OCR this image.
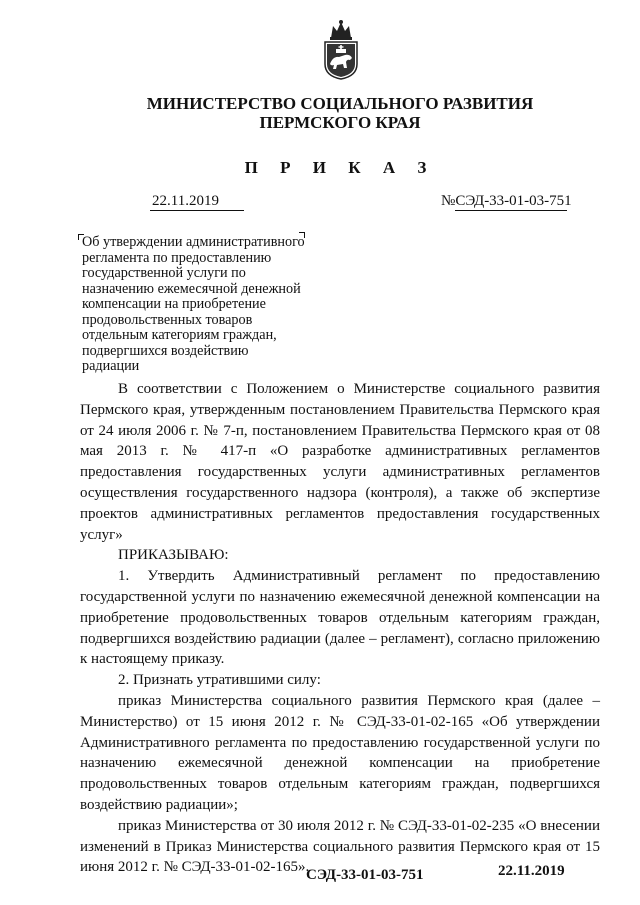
МИНИСТЕРСТВО СОЦИАЛЬНОГО РАЗВИТИЯ
ПЕРМСКОГО КРАЯ
П Р И К А З
22.11.2019	№СЭД-33-01-03-751
Об утверждении административного регламента по предоставлению государственной услуги по назначению ежемесячной денежной компенсации на приобретение продовольственных товаров отдельным категориям граждан, подвергшихся воздействию радиации

В соответствии с Положением о Министерстве социального развития Пермского края, утвержденным постановлением Правительства Пермского края от 24 июля 2006 г. № 7-п, постановлением Правительства Пермского края от 08 мая 2013 г. № 417-п «О разработке административных регламентов предоставления государственных услуги административных регламентов осуществления государственного надзора (контроля), а также об экспертизе проектов административных регламентов предоставления государственных услуг»

ПРИКАЗЫВАЮ:

1. Утвердить Административный регламент по предоставлению государственной услуги по назначению ежемесячной денежной компенсации на приобретение продовольственных товаров отдельным категориям граждан, подвергшихся воздействию радиации (далее – регламент), согласно приложению к настоящему приказу.

2. Признать утратившими силу:

приказ Министерства социального развития Пермского края (далее – Министерство) от 15 июня 2012 г. № СЭД-33-01-02-165 «Об утверждении Административного регламента по предоставлению государственной услуги по назначению ежемесячной денежной компенсации на приобретение продовольственных товаров отдельным категориям граждан, подвергшихся воздействию радиации»;

приказ Министерства от 30 июля 2012 г. № СЭД-33-01-02-235 «О внесении изменений в Приказ Министерства социального развития Пермского края от 15 июня 2012 г. № СЭД-33-01-02-165».

СЭД-33-01-03-751	22.11.2019
